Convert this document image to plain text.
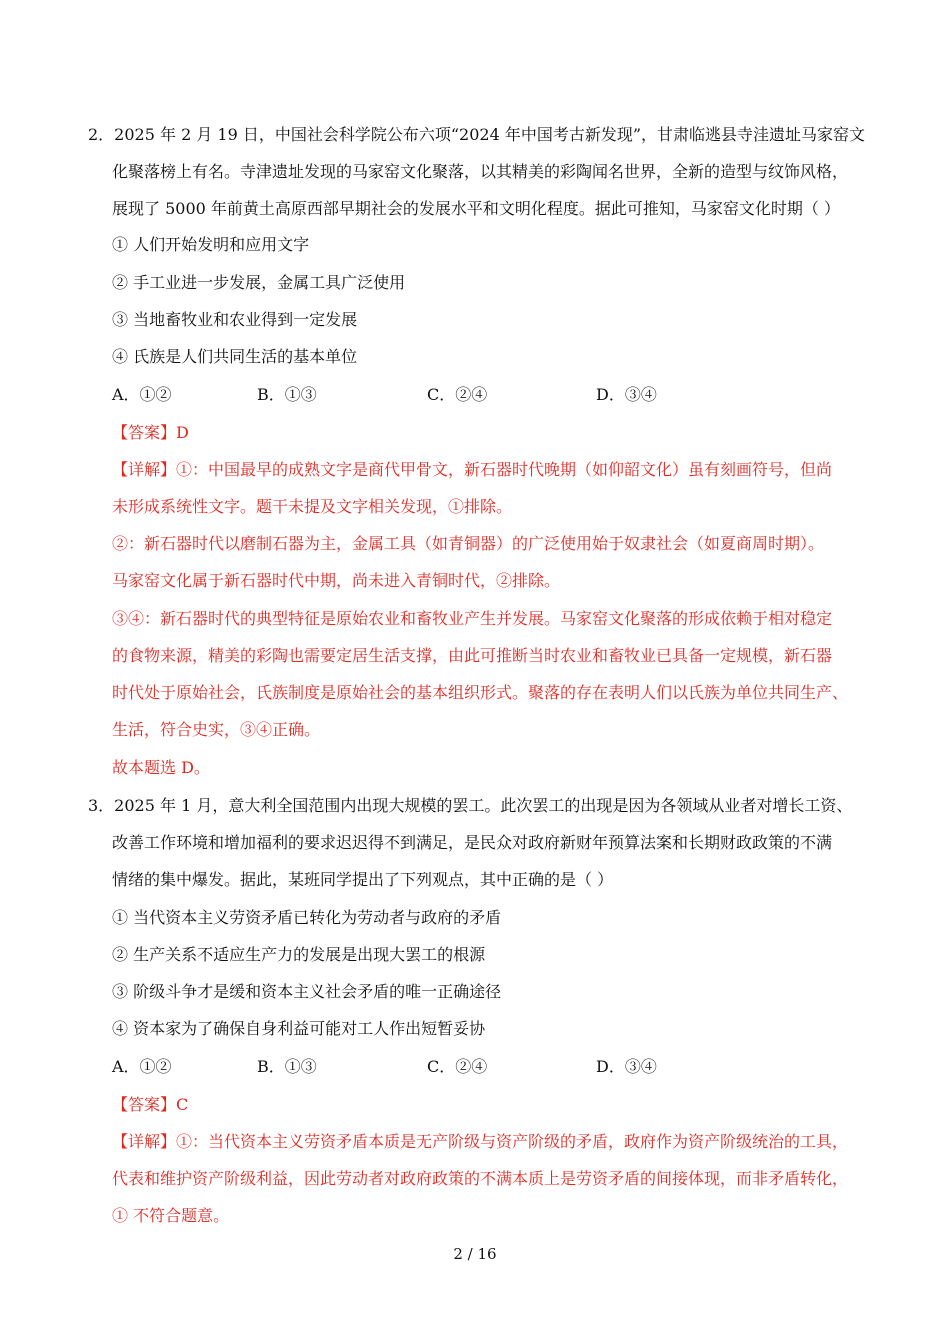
2．2025 年 2 月 19 日，中国社会科学院公布六项“2024 年中国考古新发现”，甘肃临逃县寺洼遗址马家窑文
化聚落榜上有名。寺津遗址发现的马家窑文化聚落，以其精美的彩陶闻名世界，全新的造型与纹饰风格，
展现了 5000 年前黄土高原西部早期社会的发展水平和文明化程度。据此可推知，马家窑文化时期（ ）
① 人们开始发明和应用文字
② 手工业进一步发展，金属工具广泛使用
③ 当地畜牧业和农业得到一定发展
④ 氏族是人们共同生活的基本单位
A．①②	B．①③	C．②④	D．③④
【答案】D
【详解】①：中国最早的成熟文字是商代甲骨文，新石器时代晚期（如仰韶文化）虽有刻画符号，但尚
未形成系统性文字。题干未提及文字相关发现，①排除。
②：新石器时代以磨制石器为主，金属工具（如青铜器）的广泛使用始于奴隶社会（如夏商周时期）。
马家窑文化属于新石器时代中期，尚未进入青铜时代，②排除。
③④：新石器时代的典型特征是原始农业和畜牧业产生并发展。马家窑文化聚落的形成依赖于相对稳定
的食物来源，精美的彩陶也需要定居生活支撑，由此可推断当时农业和畜牧业已具备一定规模，新石器
时代处于原始社会，氏族制度是原始社会的基本组织形式。聚落的存在表明人们以氏族为单位共同生产、
生活，符合史实，③④正确。
故本题选 D。
3．2025 年 1 月，意大利全国范围内出现大规模的罢工。此次罢工的出现是因为各领域从业者对增长工资、
改善工作环境和增加福利的要求迟迟得不到满足，是民众对政府新财年预算法案和长期财政政策的不满
情绪的集中爆发。据此，某班同学提出了下列观点，其中正确的是（ ）
① 当代资本主义劳资矛盾已转化为劳动者与政府的矛盾
② 生产关系不适应生产力的发展是出现大罢工的根源
③ 阶级斗争才是缓和资本主义社会矛盾的唯一正确途径
④ 资本家为了确保自身利益可能对工人作出短暂妥协
A．①②	B．①③	C．②④	D．③④
【答案】C
【详解】①：当代资本主义劳资矛盾本质是无产阶级与资产阶级的矛盾，政府作为资产阶级统治的工具，
代表和维护资产阶级利益，因此劳动者对政府政策的不满本质上是劳资矛盾的间接体现，而非矛盾转化，
① 不符合题意。
2 / 16
